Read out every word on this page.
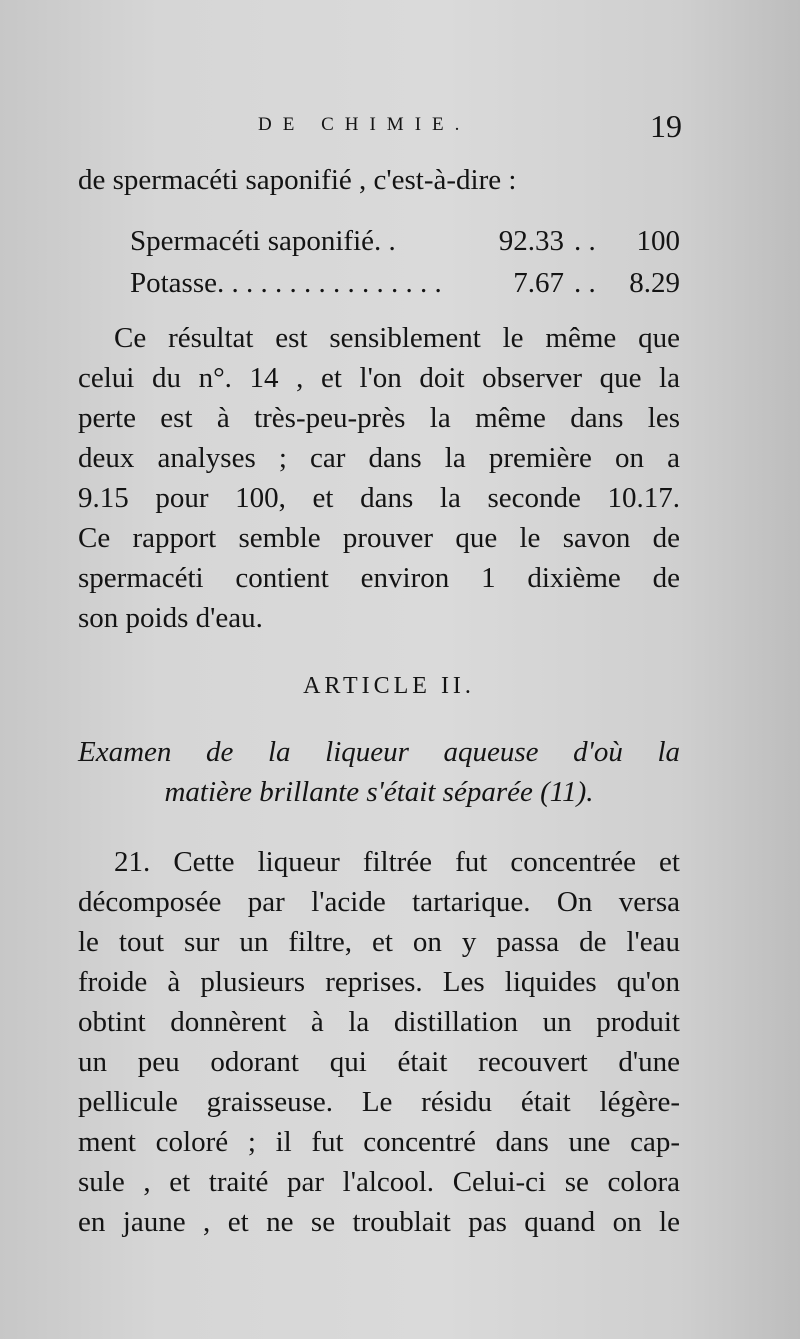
DE CHIMIE.	19
de spermacéti saponifié , c'est-à-dire :
Spermacéti saponifié. .	92.33 . .	100
Potasse. . . . . . . . . . . . . . . .	7.67 . .	8.29
Ce résultat est sensiblement le même que
celui du n°. 14 , et l'on doit observer que la
perte est à très-peu-près la même dans les
deux analyses ; car dans la première on a
9.15 pour 100, et dans la seconde 10.17.
Ce rapport semble prouver que le savon de
spermacéti contient environ 1 dixième de
son poids d'eau.
ARTICLE II.
Examen de la liqueur aqueuse d'où la
matière brillante s'était séparée (11).
21. Cette liqueur filtrée fut concentrée et
décomposée par l'acide tartarique. On versa
le tout sur un filtre, et on y passa de l'eau
froide à plusieurs reprises. Les liquides qu'on
obtint donnèrent à la distillation un produit
un peu odorant qui était recouvert d'une
pellicule graisseuse. Le résidu était légère-
ment coloré ; il fut concentré dans une cap-
sule , et traité par l'alcool. Celui-ci se colora
en jaune , et ne se troublait pas quand on le
